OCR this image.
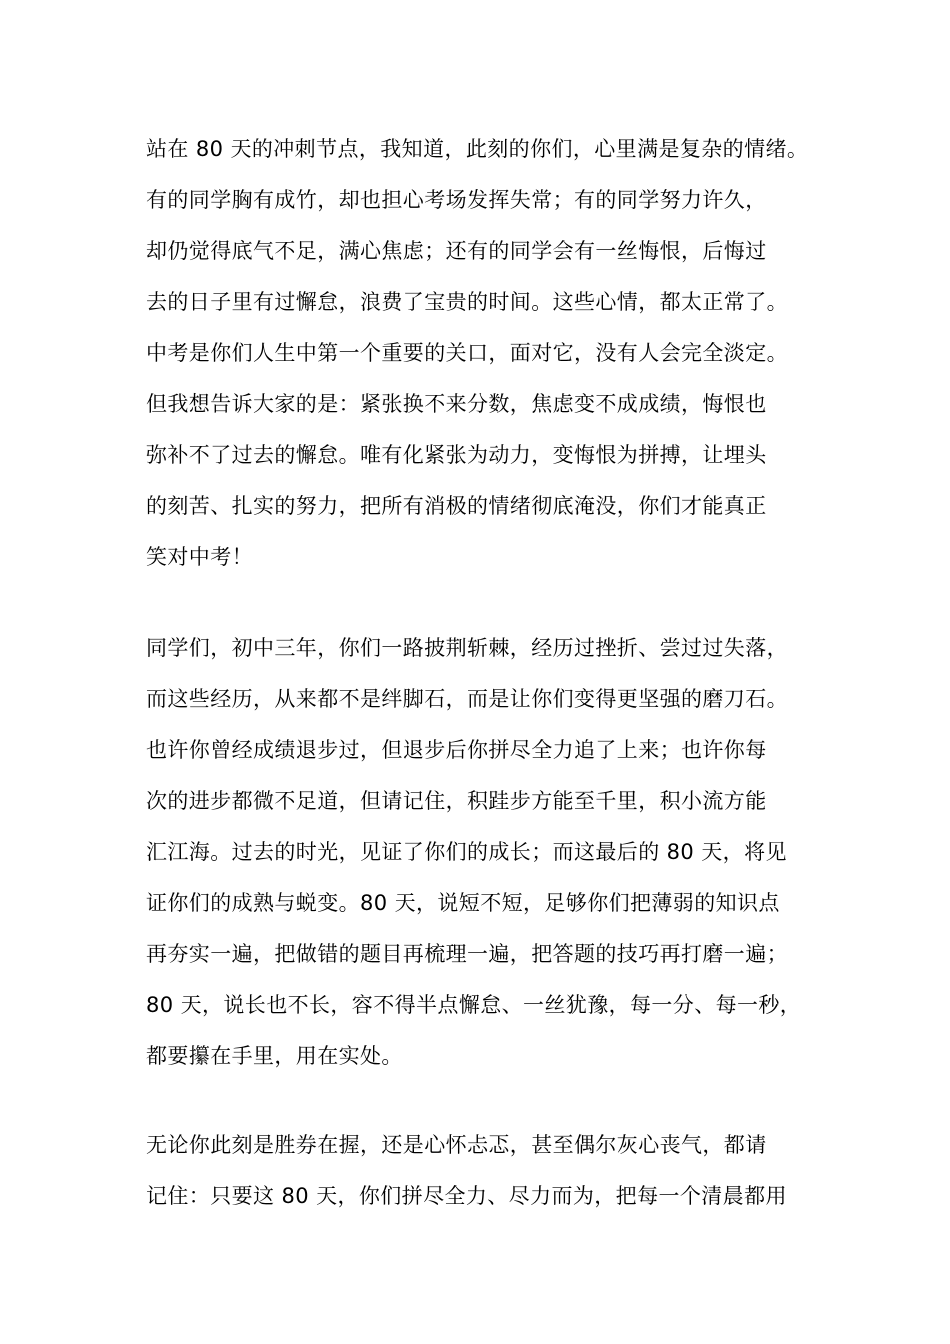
站在 80 天的冲刺节点，我知道，此刻的你们，心里满是复杂的情绪。
有的同学胸有成竹，却也担心考场发挥失常；有的同学努力许久，
却仍觉得底气不足，满心焦虑；还有的同学会有一丝悔恨，后悔过
去的日子里有过懈怠，浪费了宝贵的时间。这些心情，都太正常了。
中考是你们人生中第一个重要的关口，面对它，没有人会完全淡定。
但我想告诉大家的是：紧张换不来分数，焦虑变不成成绩，悔恨也
弥补不了过去的懈怠。唯有化紧张为动力，变悔恨为拼搏，让埋头
的刻苦、扎实的努力，把所有消极的情绪彻底淹没，你们才能真正
笑对中考！
同学们，初中三年，你们一路披荆斩棘，经历过挫折、尝过过失落，
而这些经历，从来都不是绊脚石，而是让你们变得更坚强的磨刀石。
也许你曾经成绩退步过，但退步后你拼尽全力追了上来；也许你每
次的进步都微不足道，但请记住，积跬步方能至千里，积小流方能
汇江海。过去的时光，见证了你们的成长；而这最后的 80 天，将见
证你们的成熟与蜕变。80 天，说短不短，足够你们把薄弱的知识点
再夯实一遍，把做错的题目再梳理一遍，把答题的技巧再打磨一遍；
80 天，说长也不长，容不得半点懈怠、一丝犹豫，每一分、每一秒，
都要攥在手里，用在实处。
无论你此刻是胜券在握，还是心怀忐忑，甚至偶尔灰心丧气，都请
记住：只要这 80 天，你们拼尽全力、尽力而为，把每一个清晨都用
